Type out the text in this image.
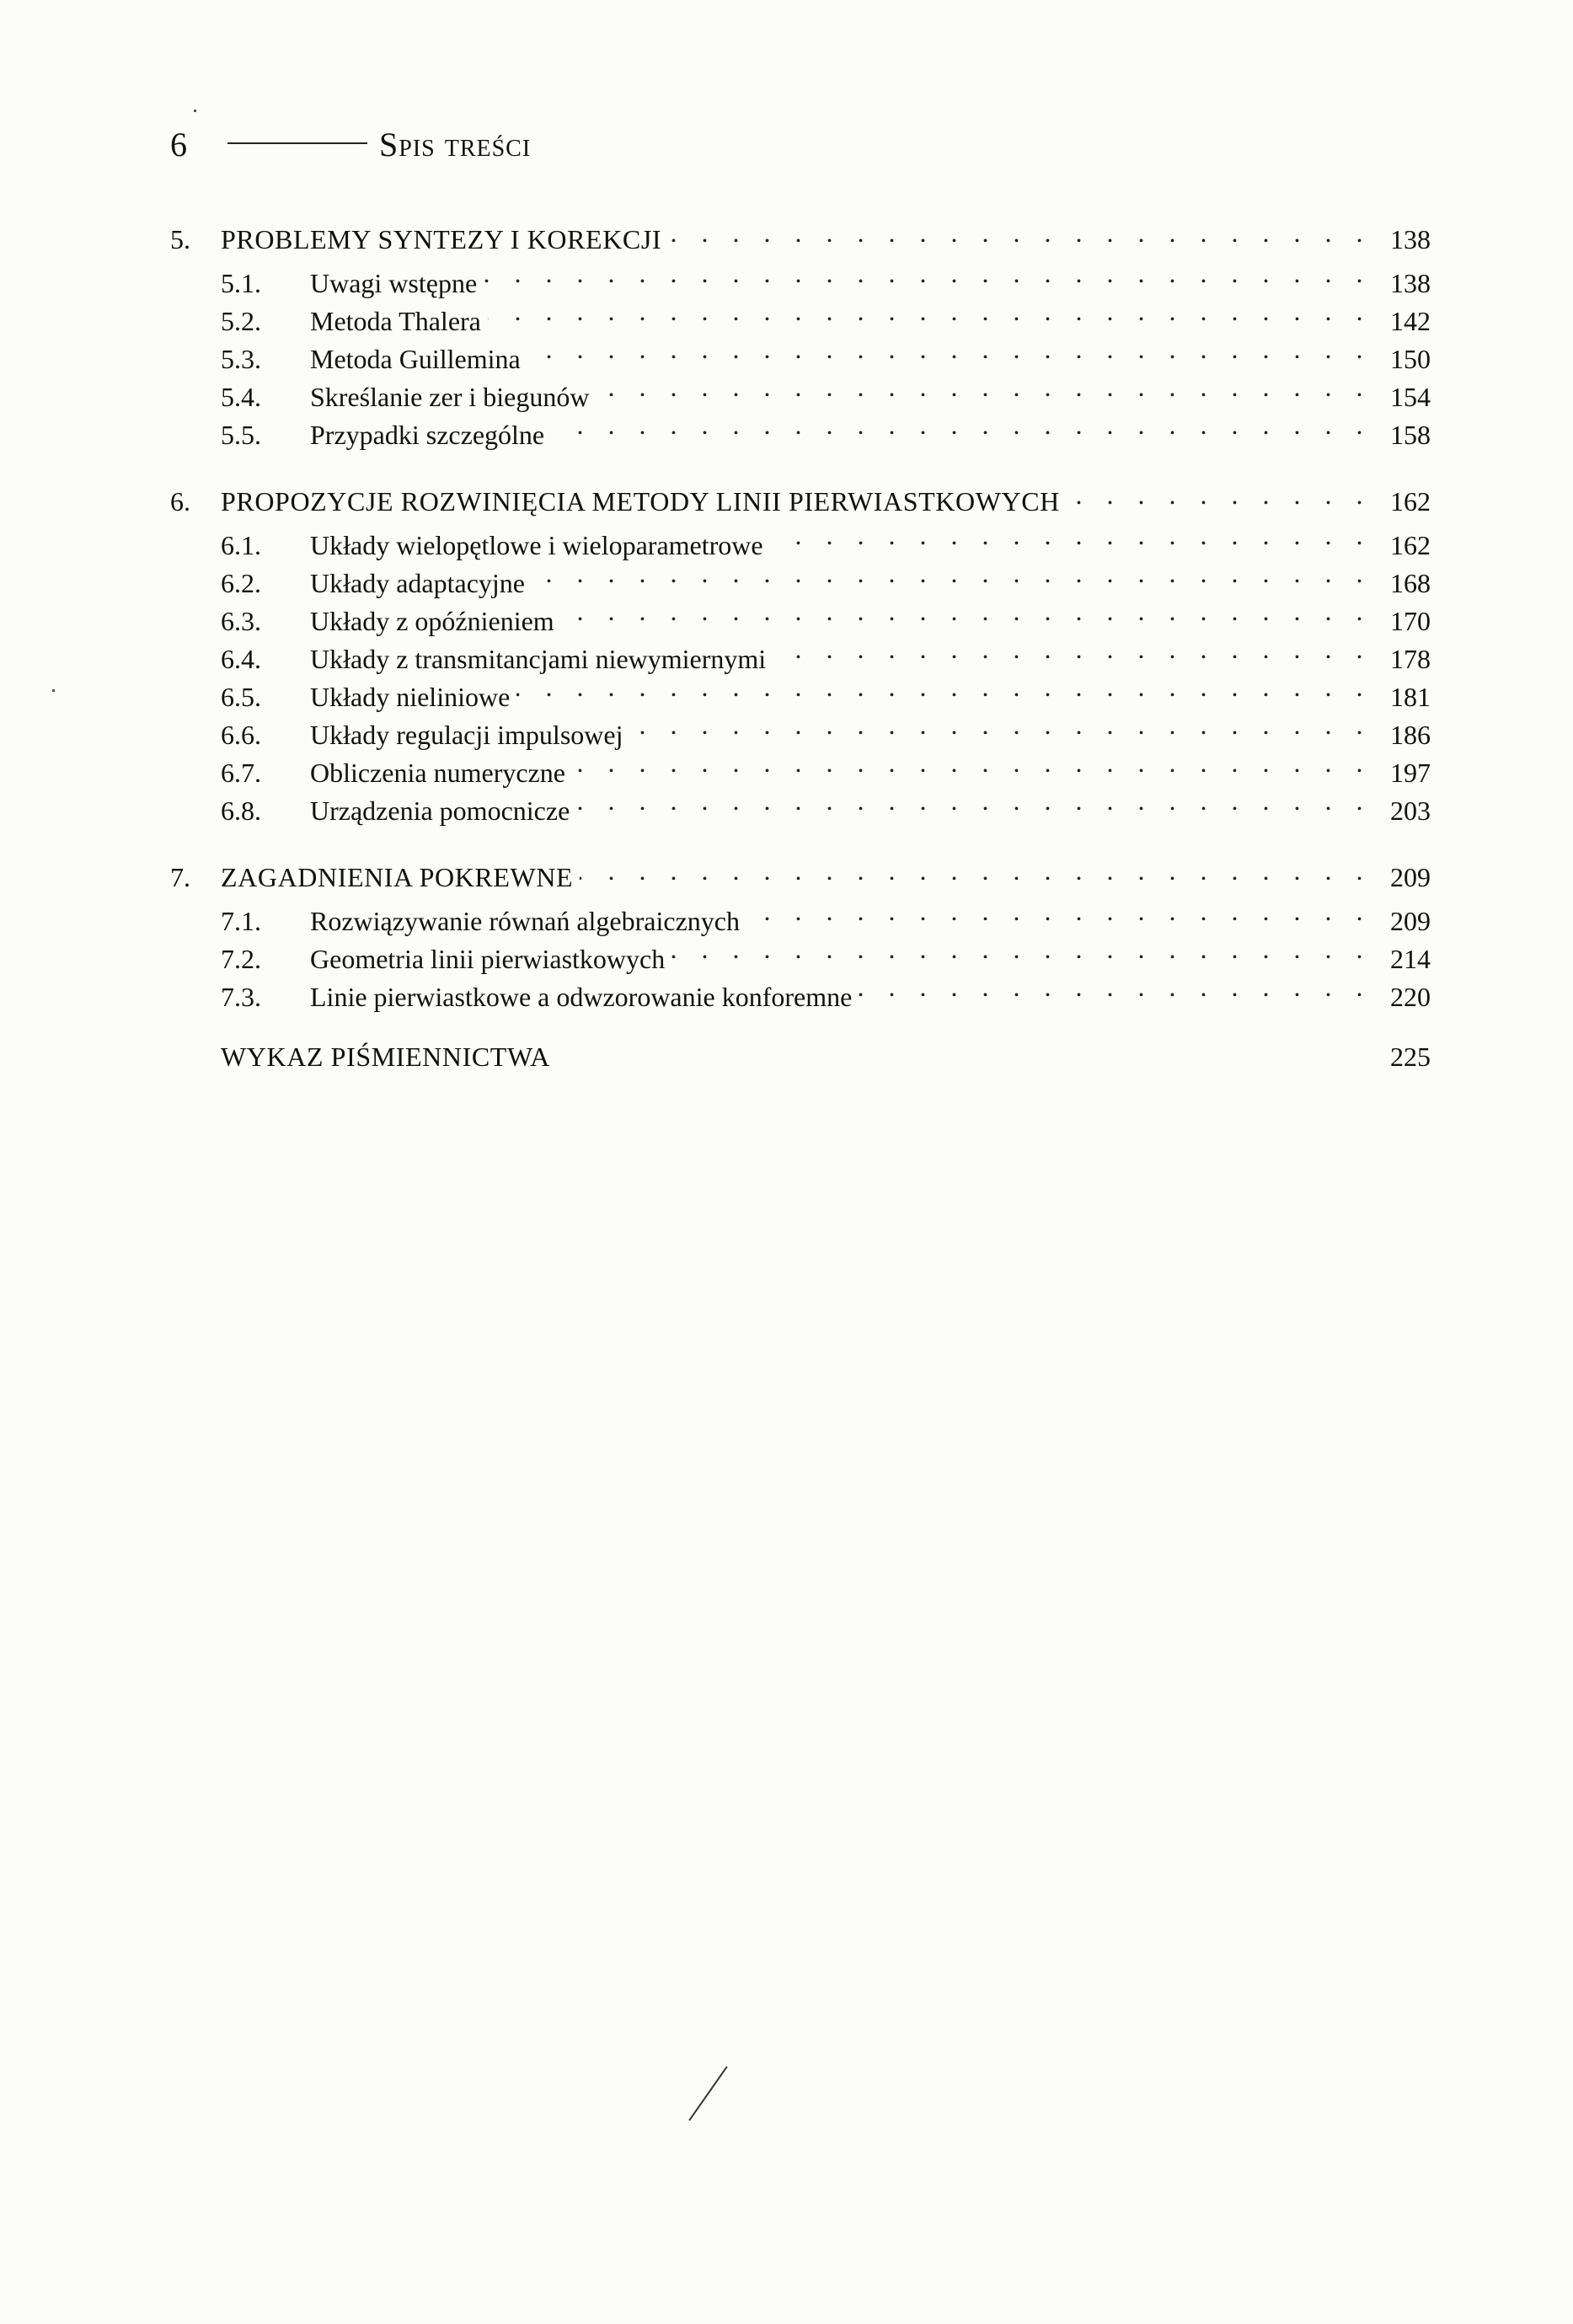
6	Spis treści
5.	PROBLEMY SYNTEZY I KOREKCJI . . .	138
5.1.	Uwagi wstępne . . .	138
5.2.	Metoda Thalera . . .	142
5.3.	Metoda Guillemina . . .	150
5.4.	Skreślanie zer i biegunów . . .	154
5.5.	Przypadki szczególne . . .	158
6.	PROPOZYCJE ROZWINIĘCIA METODY LINII PIERWIASTKOWYCH . . .	162
6.1.	Układy wielopętlowe i wieloparametrowe . . .	162
6.2.	Układy adaptacyjne . . .	168
6.3.	Układy z opóźnieniem . . .	170
6.4.	Układy z transmitancjami niewymiernymi . . .	178
6.5.	Układy nieliniowe . . .	181
6.6.	Układy regulacji impulsowej . . .	186
6.7.	Obliczenia numeryczne . . .	197
6.8.	Urządzenia pomocnicze . . .	203
7.	ZAGADNIENIA POKREWNE . . .	209
7.1.	Rozwiązywanie równań algebraicznych . . .	209
7.2.	Geometria linii pierwiastkowych . . .	214
7.3.	Linie pierwiastkowe a odwzorowanie konforemne . . .	220
WYKAZ PIŚMIENNICTWA	225
